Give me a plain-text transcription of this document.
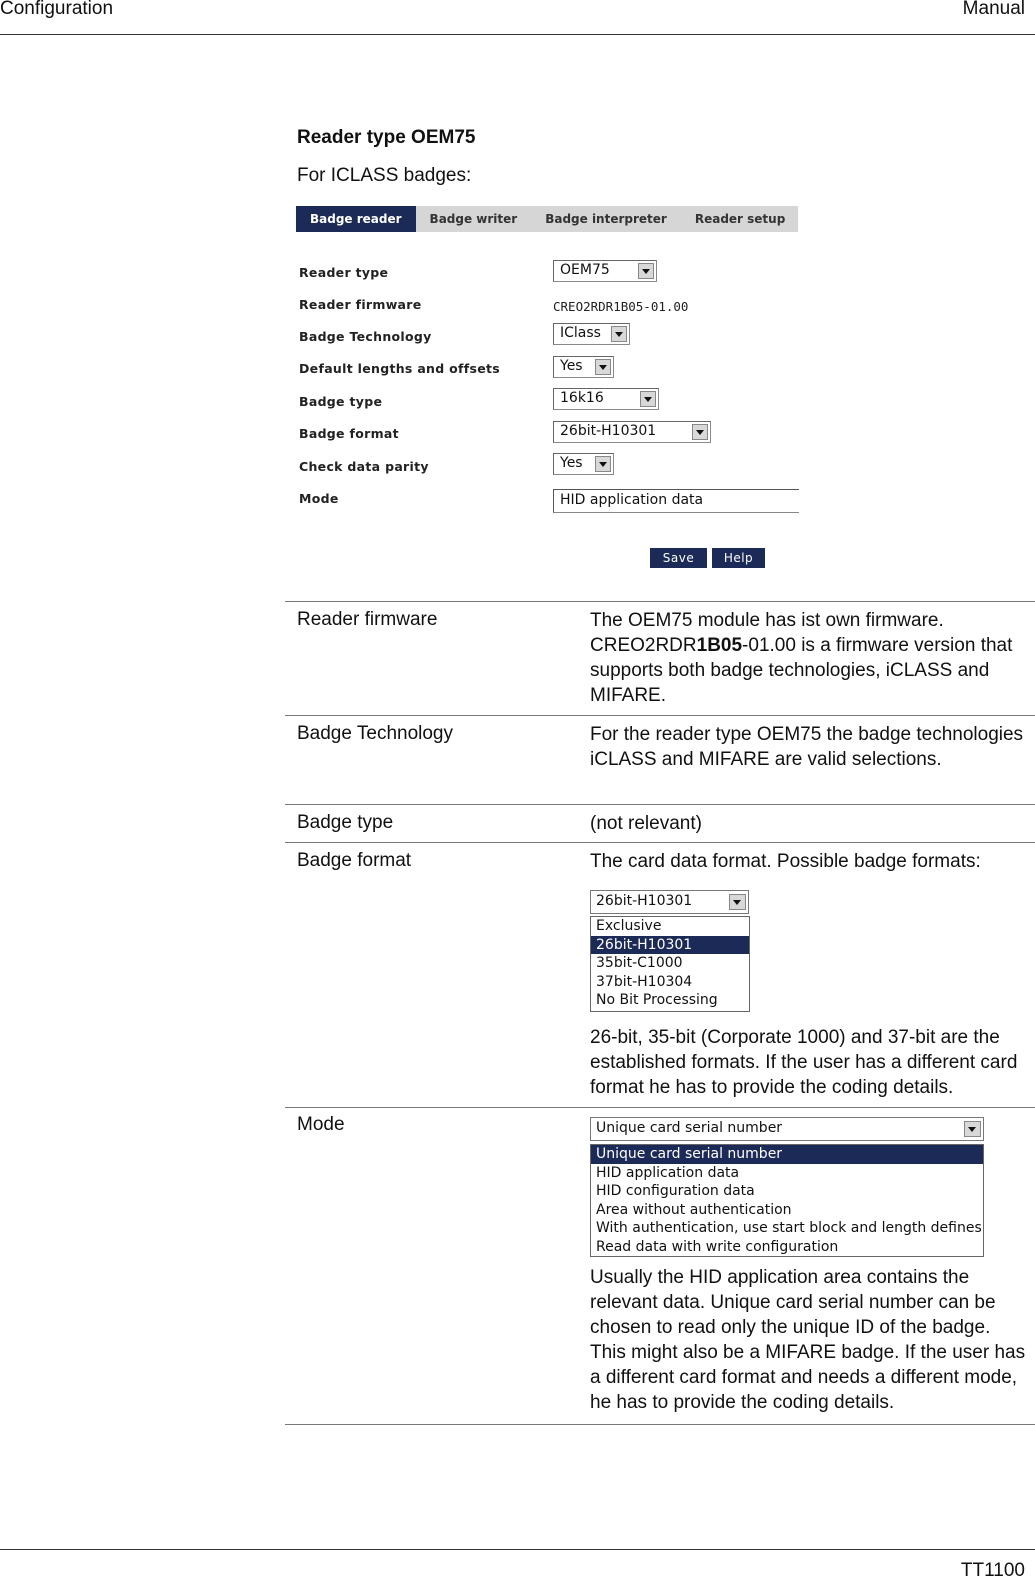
Configuration	Manual
Reader type OEM75
For ICLASS badges:
Badge reader	Badge writer	Badge interpreter	Reader setup
Reader type	OEM75
Reader firmware	CREO2RDR1B05-01.00
Badge Technology	IClass
Default lengths and offsets	Yes
Badge type	16k16
Badge format	26bit-H10301
Check data parity	Yes
Mode	HID application data
Save	Help
Reader firmware	The OEM75 module has ist own firmware. CREO2RDR1B05-01.00 is a firmware version that supports both badge technologies, iCLASS and MIFARE.

Badge Technology	For the reader type OEM75 the badge technologies iCLASS and MIFARE are valid selections.
Badge type	(not relevant)
Badge format	The card data format. Possible badge formats:
26bit-H10301
Exclusive
26bit-H10301
35bit-C1000
37bit-H10304
No Bit Processing
26-bit, 35-bit (Corporate 1000) and 37-bit are the established formats. If the user has a different card format he has to provide the coding details.
Mode	Unique card serial number
Unique card serial number
HID application data
HID configuration data
Area without authentication
With authentication, use start block and length defines
Read data with write configuration
Usually the HID application area contains the relevant data. Unique card serial number can be chosen to read only the unique ID of the badge. This might also be a MIFARE badge. If the user has a different card format and needs a different mode, he has to provide the coding details.
TT1100
